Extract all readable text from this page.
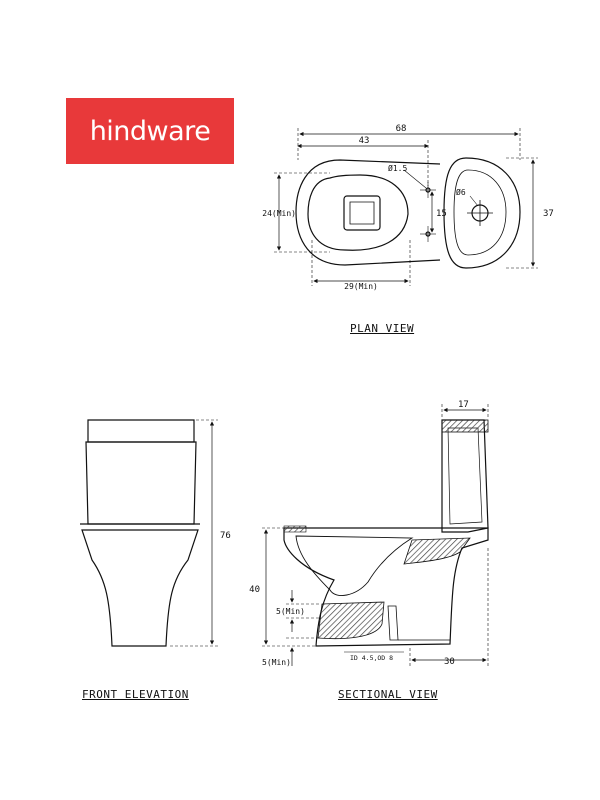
hindware	68
43
37
24(Min)
29(Min)
15
Ø1.5
Ø6
76
17
40
5(Min)
5(Min)	ID 4.5,OD 8	30
PLAN VIEW
FRONT ELEVATION	SECTIONAL VIEW
